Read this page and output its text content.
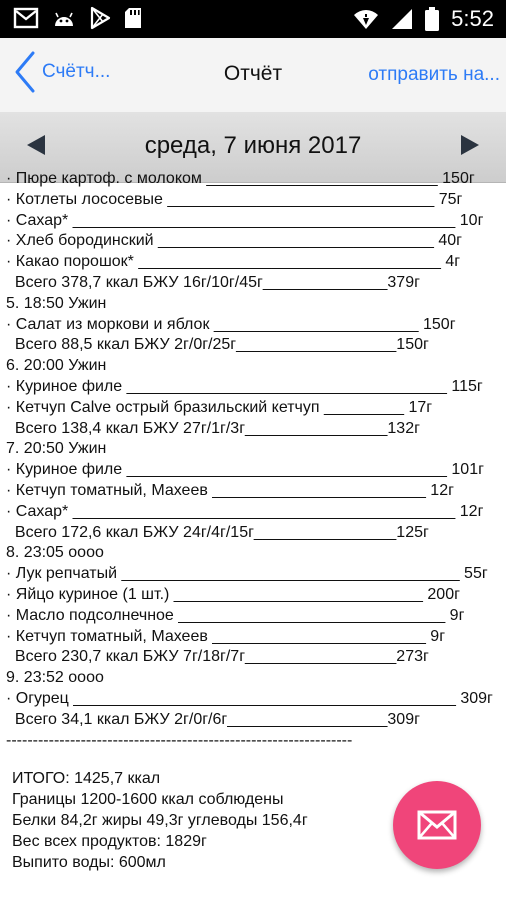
5:52
Счётч...	Отчёт	отправить на...
среда, 7 июня 2017
· Пюре картоф. с молоком __________________________ 150г
· Котлеты лососевые ______________________________ 75г
· Сахар* ___________________________________________ 10г
· Хлеб бородинский _______________________________ 40г
· Какао порошок* __________________________________ 4г
Всего 378,7 ккал БЖУ 16г/10г/45г______________379г
5. 18:50 Ужин
· Салат из моркови и яблок _______________________ 150г
Всего 88,5 ккал БЖУ 2г/0г/25г__________________150г
6. 20:00 Ужин
· Куриное филе ____________________________________ 115г
· Кетчуп Calve острый бразильский кетчуп _________ 17г
Всего 138,4 ккал БЖУ 27г/1г/3г________________132г
7. 20:50 Ужин
· Куриное филе ____________________________________ 101г
· Кетчуп томатный, Махеев ________________________ 12г
· Сахар* ___________________________________________ 12г
Всего 172,6 ккал БЖУ 24г/4г/15г________________125г
8. 23:05 оооо
· Лук репчатый ______________________________________ 55г
· Яйцо куриное (1 шт.) ____________________________ 200г
· Масло подсолнечное ______________________________ 9г
· Кетчуп томатный, Махеев ________________________ 9г
Всего 230,7 ккал БЖУ 7г/18г/7г_________________273г
9. 23:52 оооо
· Огурец ___________________________________________ 309г
Всего 34,1 ккал БЖУ 2г/0г/6г__________________309г
-----------------------------------------------------------------
ИТОГО: 1425,7 ккал
Границы 1200-1600 ккал соблюдены
Белки 84,2г жиры 49,3г углеводы 156,4г
Вес всех продуктов: 1829г
Выпито воды: 600мл
